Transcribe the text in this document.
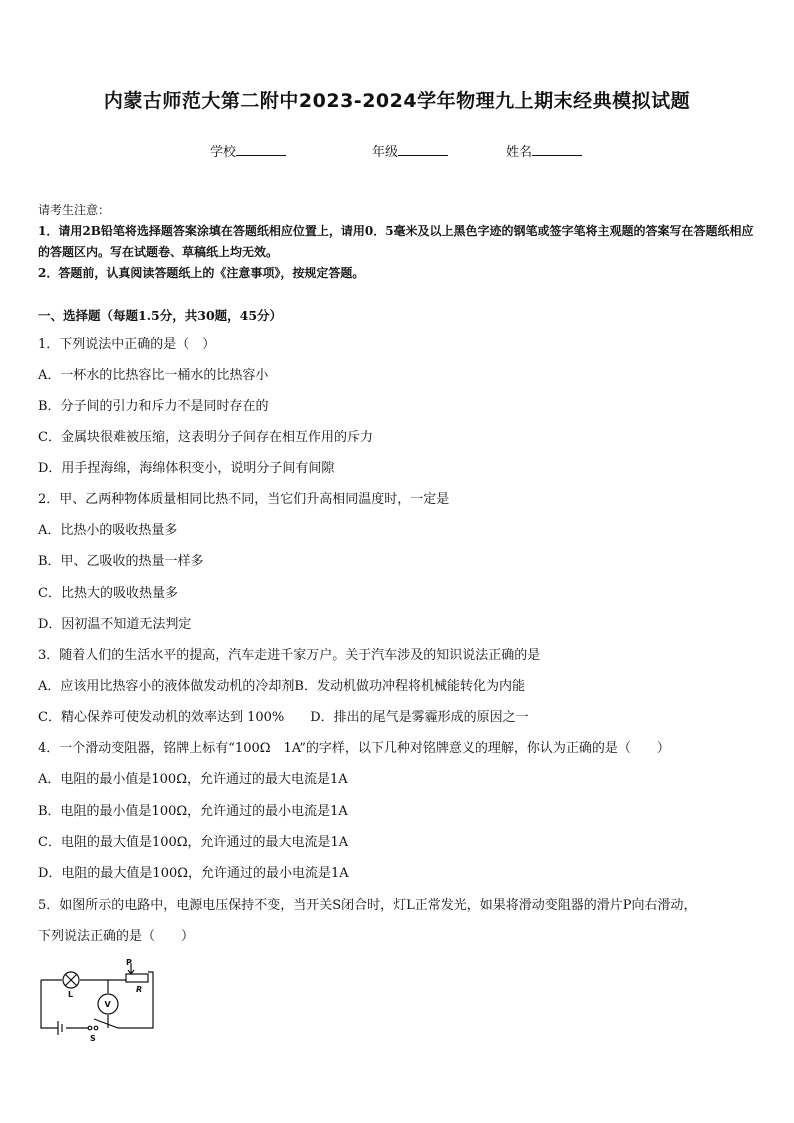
内蒙古师范大第二附中2023-2024学年物理九上期末经典模拟试题
学校	年级	姓名
请考生注意：
1．请用2B铅笔将选择题答案涂填在答题纸相应位置上，请用0．5毫米及以上黑色字迹的钢笔或签字笔将主观题的答案写在答题纸相应的答题区内。写在试题卷、草稿纸上均无效。
2．答题前，认真阅读答题纸上的《注意事项》，按规定答题。
一、选择题（每题1.5分，共30题，45分）
1．下列说法中正确的是（　）
A．一杯水的比热容比一桶水的比热容小
B．分子间的引力和斥力不是同时存在的
C．金属块很难被压缩，这表明分子间存在相互作用的斥力
D．用手捏海绵，海绵体积变小，说明分子间有间隙
2．甲、乙两种物体质量相同比热不同，当它们升高相同温度时，一定是
A．比热小的吸收热量多
B．甲、乙吸收的热量一样多
C．比热大的吸收热量多
D．因初温不知道无法判定
3．随着人们的生活水平的提高，汽车走进千家万户。关于汽车涉及的知识说法正确的是
A．应该用比热容小的液体做发动机的冷却剂B．发动机做功冲程将机械能转化为内能
C．精心保养可使发动机的效率达到 100%　　D．排出的尾气是雾霾形成的原因之一
4．一个滑动变阻器，铭牌上标有“100Ω　1A”的字样，以下几种对铭牌意义的理解，你认为正确的是（　　）
A．电阻的最小值是100Ω，允许通过的最大电流是1A
B．电阻的最小值是100Ω，允许通过的最小电流是1A
C．电阻的最大值是100Ω，允许通过的最大电流是1A
D．电阻的最大值是100Ω，允许通过的最小电流是1A
5．如图所示的电路中，电源电压保持不变，当开关S闭合时，灯L正常发光，如果将滑动变阻器的滑片P向右滑动，
下列说法正确的是（　　）
P
R
L
V
S
